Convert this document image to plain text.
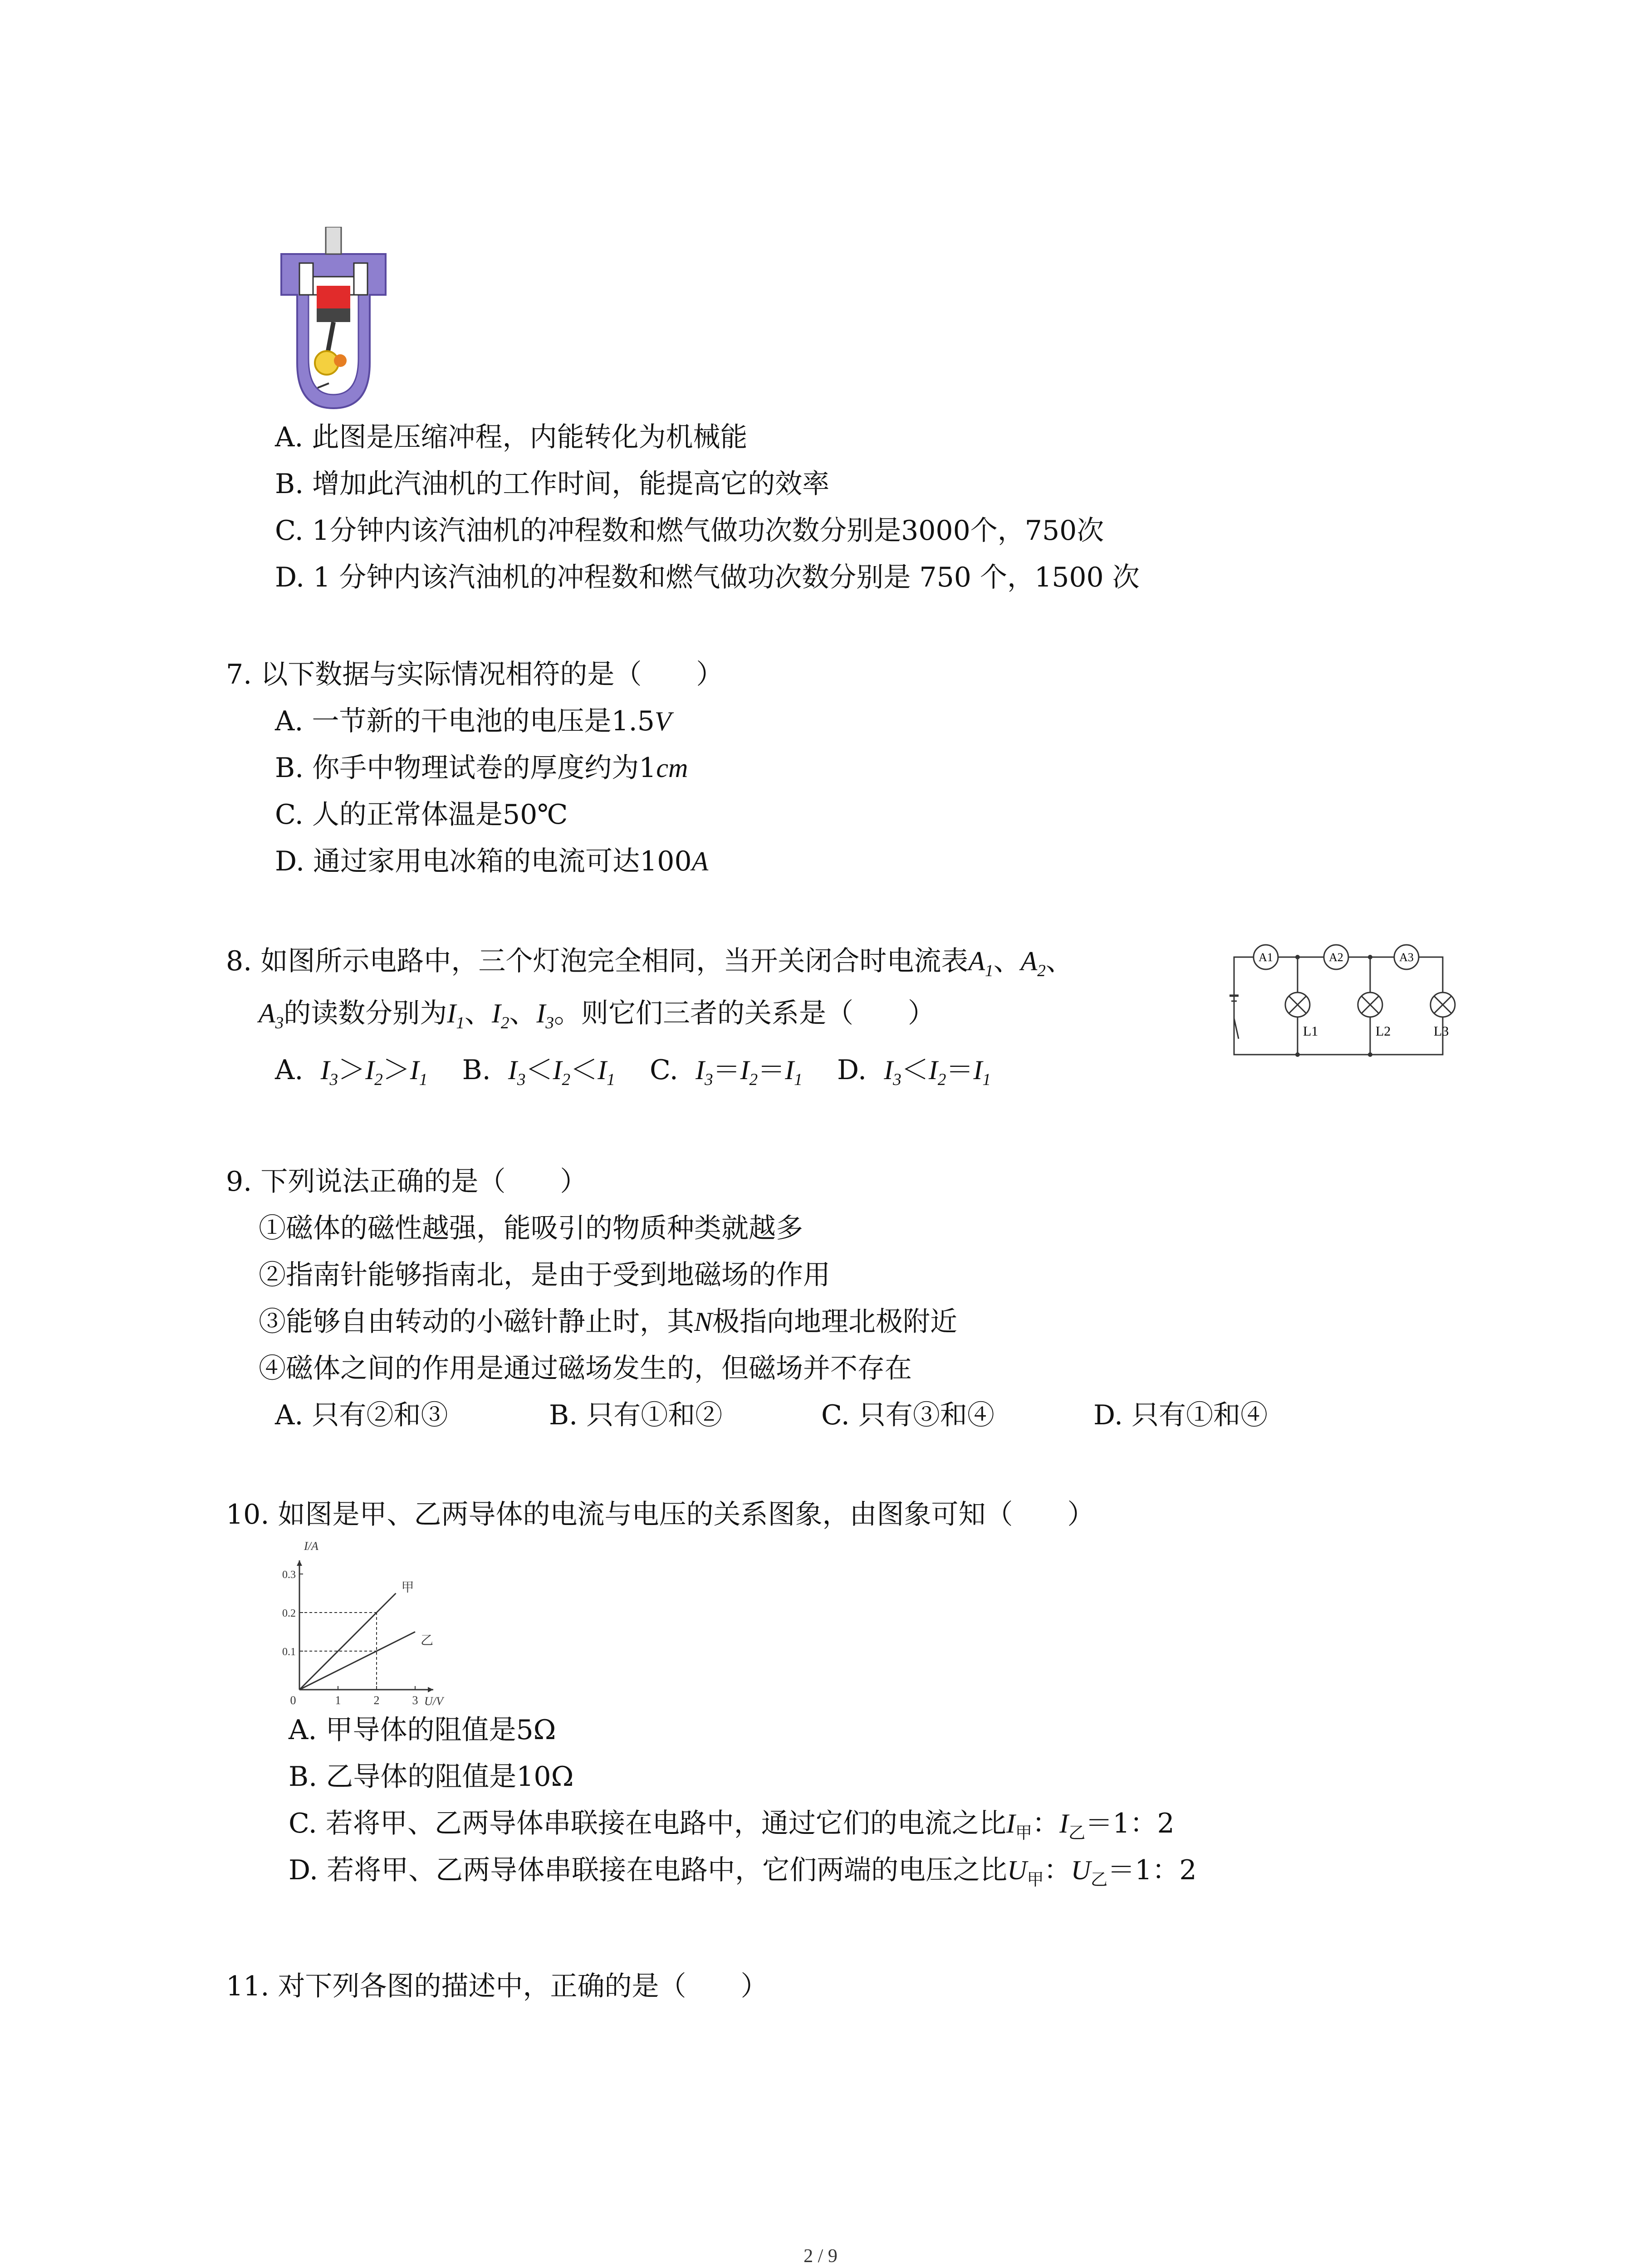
A. 此图是压缩冲程，内能转化为机械能
B. 增加此汽油机的工作时间，能提高它的效率
C. 1分钟内该汽油机的冲程数和燃气做功次数分别是3000个，750次
D. 1 分钟内该汽油机的冲程数和燃气做功次数分别是 750 个，1500 次
7. 以下数据与实际情况相符的是（　　）
A. 一节新的干电池的电压是1.5V
B. 你手中物理试卷的厚度约为1cm
C. 人的正常体温是50℃
D. 通过家用电冰箱的电流可达100A
8. 如图所示电路中，三个灯泡完全相同，当开关闭合时电流表$A_1$、$A_2$、
$A_3$的读数分别为$I_1$、$I_2$、$I_3$。则它们三者的关系是（　　）
A. $I_3>I_2>I_1$ B. $I_3<I_2<I_1$ C. $I_3=I_2=I_1$ D. $I_3<I_2=I_1$
A1	A2	A3
L1	L2	L3
9. 下列说法正确的是（　　）
①磁体的磁性越强，能吸引的物质种类就越多
②指南针能够指南北，是由于受到地磁场的作用
③能够自由转动的小磁针静止时，其N极指向地理北极附近
④磁体之间的作用是通过磁场发生的，但磁场并不存在
A. 只有②和③	B. 只有①和②	C. 只有③和④	D. 只有①和④
10. 如图是甲、乙两导体的电流与电压的关系图象，由图象可知（　　）
甲
乙
0	1	2	3
0.1
0.2
0.3
U/V
I/A
A. 甲导体的阻值是5Ω
B. 乙导体的阻值是10Ω
C. 若将甲、乙两导体串联接在电路中，通过它们的电流之比$I_甲$：$I_乙=1$：2
D. 若将甲、乙两导体串联接在电路中，它们两端的电压之比$U_甲$：$U_乙=1$：2
11. 对下列各图的描述中，正确的是（　　）
2 / 9
